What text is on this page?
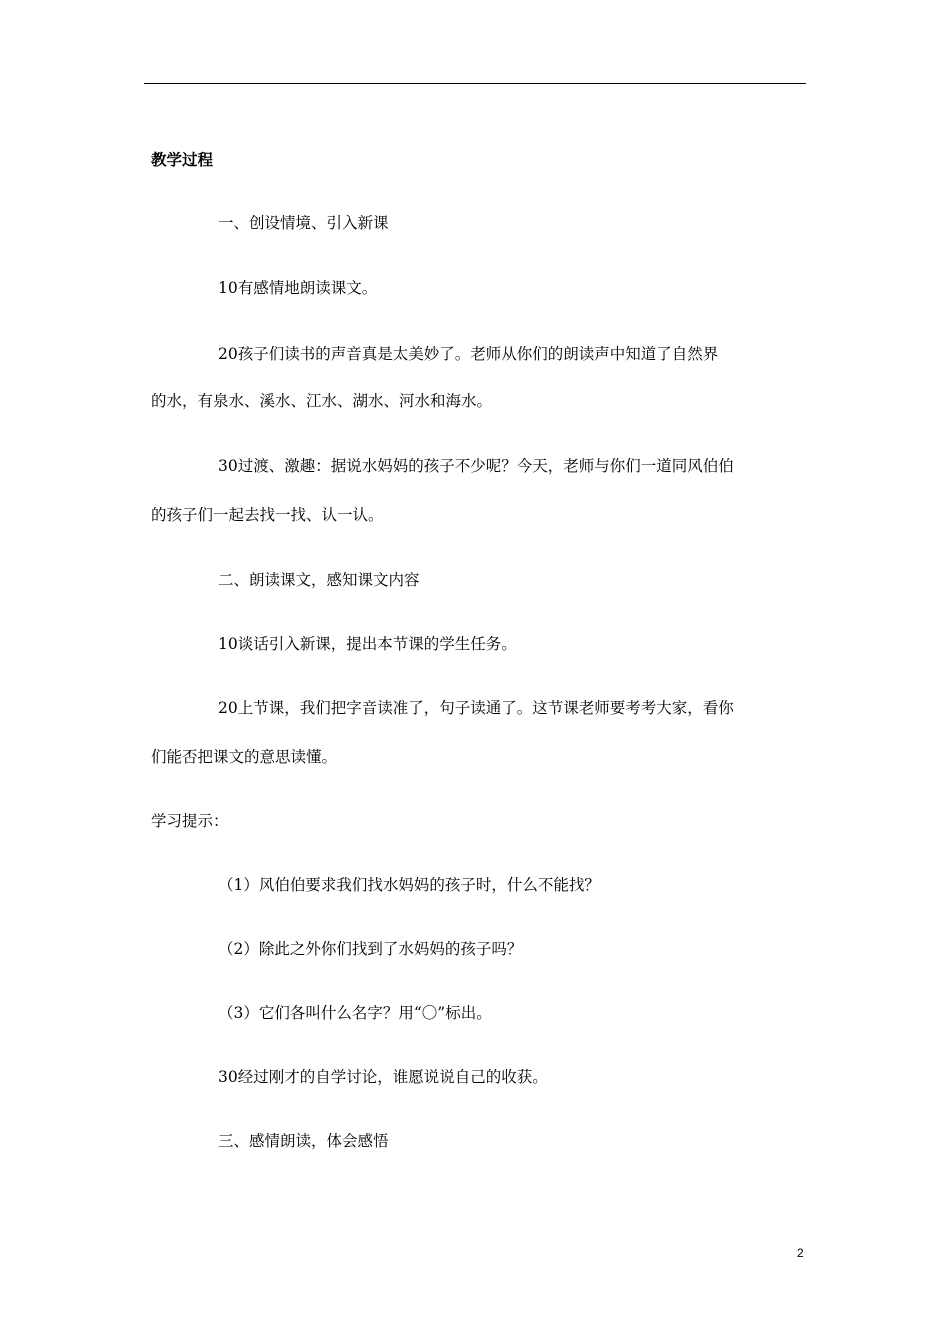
教学过程

一、创设情境、引入新课

10有感情地朗读课文。

20孩子们读书的声音真是太美妙了。老师从你们的朗读声中知道了自然界

的水，有泉水、溪水、江水、湖水、河水和海水。

30过渡、激趣：据说水妈妈的孩子不少呢？今天，老师与你们一道同风伯伯

的孩子们一起去找一找、认一认。

二、朗读课文，感知课文内容

10谈话引入新课，提出本节课的学生任务。

20上节课，我们把字音读准了，句子读通了。这节课老师要考考大家，看你

们能否把课文的意思读懂。

学习提示：

（1）风伯伯要求我们找水妈妈的孩子时，什么不能找？

（2）除此之外你们找到了水妈妈的孩子吗？

（3）它们各叫什么名字？用“〇”标出。

30经过刚才的自学讨论，谁愿说说自己的收获。

三、感情朗读，体会感悟

2
